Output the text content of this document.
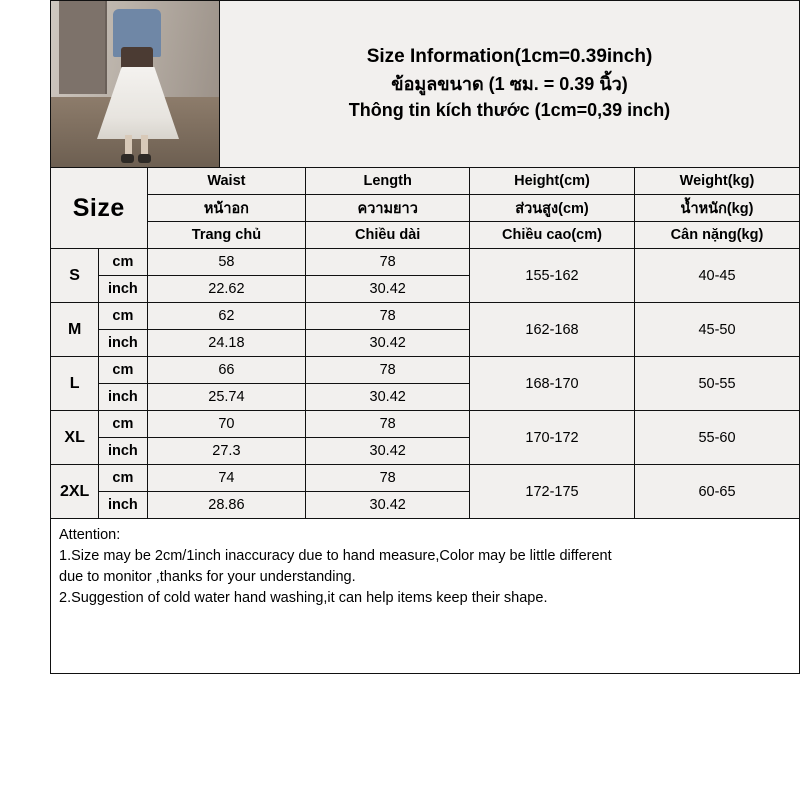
Size Information(1cm=0.39inch)
ข้อมูลขนาด (1 ซม. = 0.39 นิ้ว)
Thông tin kích thước (1cm=0,39 inch)
Size		Waist	Length	Height(cm)	Weight(kg)
		หน้าอก	ความยาว	ส่วนสูง(cm)	น้ำหนัก(kg)
		Trang chủ	Chiều dài	Chiều cao(cm)	Cân nặng(kg)
S	cm	58	78	155-162	40-45
	inch	22.62	30.42		
M	cm	62	78	162-168	45-50
	inch	24.18	30.42		
L	cm	66	78	168-170	50-55
	inch	25.74	30.42		
XL	cm	70	78	170-172	55-60
	inch	27.3	30.42		
2XL	cm	74	78	172-175	60-65
	inch	28.86	30.42		
Attention:
1.Size may be 2cm/1inch inaccuracy due to hand measure,Color may be little different
due to monitor ,thanks for your understanding.
2.Suggestion of cold water hand washing,it can help items keep their shape.
